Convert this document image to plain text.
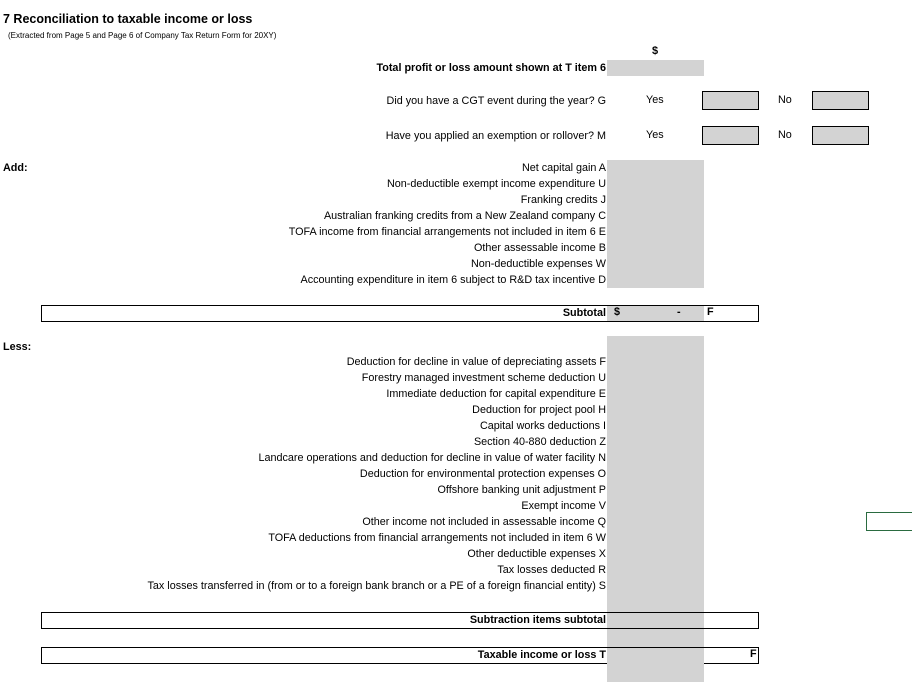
7 Reconciliation to taxable income or loss
(Extracted from Page 5 and Page 6 of Company Tax Return Form for 20XY)
$
Total profit or loss amount shown at T item 6
Did you have a CGT event during the year? G	Yes	No
Have you applied an exemption or rollover? M	Yes	No
Add:	Net capital gain A
Non-deductible exempt income expenditure U
Franking credits J
Australian franking credits from a New Zealand company C
TOFA income from financial arrangements not included in item 6 E
Other assessable income B
Non-deductible expenses W
Accounting expenditure in item 6 subject to R&D tax incentive D
Subtotal $	- F
Less:
Deduction for decline in value of depreciating assets F
Forestry managed investment scheme deduction U
Immediate deduction for capital expenditure E
Deduction for project pool H
Capital works deductions I
Section 40-880 deduction Z
Landcare operations and deduction for decline in value of water facility N
Deduction for environmental protection expenses O
Offshore banking unit adjustment P
Exempt income V
Other income not included in assessable income Q
TOFA deductions from financial arrangements not included in item 6 W
Other deductible expenses X
Tax losses deducted R
Tax losses transferred in (from or to a foreign bank branch or a PE of a foreign financial entity) S
Subtraction items subtotal
Taxable income or loss T	F
